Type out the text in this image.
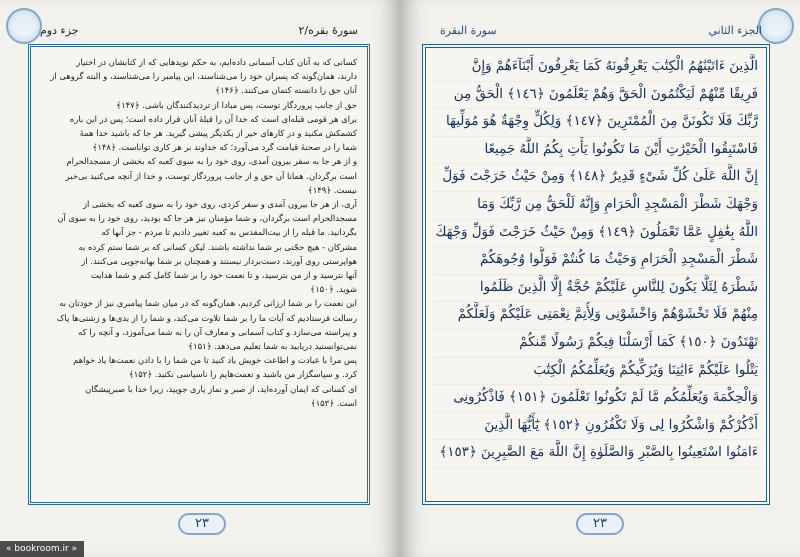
جزء دوم	سورهٔ بقره/۲
کسانی که به آنان کتاب آسمانی داده‌ایم، به حکم نویدهایی که از کتابشان در اختیار
دارند، همان‌گونه که پسران خود را می‌شناسند، این پیامبر را می‌شناسند، و البته گروهی از
آنان حق را دانسته کتمان می‌کنند. ﴿۱۴۶﴾
حق از جانب پروردگار توست، پس مبادا از تردیدکنندگان باشی. ﴿۱۴۷﴾
برای هر قومی قبله‌ای است که خدا آن را قبلهٔ آنان قرار داده است؛ پس در این باره
کشمکش مکنید و در کارهای خیر از یکدیگر پیشی گیرید. هر جا که باشید خدا همهٔ
شما را در صحنهٔ قیامت گرد می‌آورد؛ که خداوند بر هر کاری تواناست. ﴿۱۴۸﴾
و از هر جا به سفر بیرون آمدی، روی خود را به سوی کعبه که بخشی از مسجدالحرام
است برگردان. همانا آن حق و از جانب پروردگار توست، و خدا از آنچه می‌کنید بی‌خبر
نیست. ﴿۱۴۹﴾
آری، از هر جا بیرون آمدی و سفر کردی، روی خود را به سوی کعبه که بخشی از
مسجدالحرام است برگردان، و شما مؤمنان نیز هر جا که بودید، روی خود را به سوی آن
بگردانید. ما قبله را از بیت‌المقدس به کعبه تغییر دادیم تا مردم - جز آنها که
مشرکان - هیچ حجّتی بر شما نداشته باشند. لیکن کسانی که بر شما ستم کرده به
هواپرستی روی آورند، دست‌بردار نیستند و همچنان بر شما بهانه‌جویی می‌کنند. از
آنها نترسید و از من بترسید، و تا نعمت خود را بر شما کامل کنم و شما هدایت
شوید. ﴿۱۵۰﴾
این نعمت را بر شما ارزانی کردیم، همان‌گونه که در میان شما پیامبری نیز از خودتان به
رسالت فرستادیم که آیات ما را بر شما تلاوت می‌کند، و شما را از بدی‌ها و زشتی‌ها پاک
و پیراسته می‌سازد و کتاب آسمانی و معارف آن را به شما می‌آموزد، و آنچه را که
نمی‌توانستید دریابید به شما تعلیم می‌دهد. ﴿۱۵۱﴾
پس مرا با عبادت و اطاعت خویش یاد کنید تا من شما را با دادن نعمت‌ها یاد خواهم
کرد. و سپاسگزار من باشید و نعمت‌هایم را ناسپاسی نکنید. ﴿۱۵۲﴾
ای کسانی که ایمان آورده‌اید، از صبر و نماز یاری جویید، زیرا خدا با صبرپیشگان
است. ﴿۱۵۳﴾
۲۳
سورة البقرة	الجزء الثاني
الَّذِينَ ءَاتَيْنَٰهُمُ الْكِتَٰبَ يَعْرِفُونَهُ كَمَا يَعْرِفُونَ أَبْنَآءَهُمْ وَإِنَّ
فَرِيقًا مِّنْهُمْ لَيَكْتُمُونَ الْحَقَّ وَهُمْ يَعْلَمُونَ ﴿١٤٦﴾ الْحَقُّ مِن
رَّبِّكَ فَلَا تَكُونَنَّ مِنَ الْمُمْتَرِينَ ﴿١٤٧﴾ وَلِكُلٍّ وِجْهَةٌ هُوَ مُوَلِّيهَا
فَاسْتَبِقُوا الْخَيْرَٰتِ أَيْنَ مَا تَكُونُوا يَأْتِ بِكُمُ اللَّهُ جَمِيعًا
إِنَّ اللَّهَ عَلَىٰ كُلِّ شَىْءٍ قَدِيرٌ ﴿١٤٨﴾ وَمِنْ حَيْثُ خَرَجْتَ فَوَلِّ
وَجْهَكَ شَطْرَ الْمَسْجِدِ الْحَرَامِ وَإِنَّهُ لَلْحَقُّ مِن رَّبِّكَ وَمَا
اللَّهُ بِغَٰفِلٍ عَمَّا تَعْمَلُونَ ﴿١٤٩﴾ وَمِنْ حَيْثُ خَرَجْتَ فَوَلِّ وَجْهَكَ
شَطْرَ الْمَسْجِدِ الْحَرَامِ وَحَيْثُ مَا كُنتُمْ فَوَلُّوا وُجُوهَكُمْ
شَطْرَهُ لِئَلَّا يَكُونَ لِلنَّاسِ عَلَيْكُمْ حُجَّةٌ إِلَّا الَّذِينَ ظَلَمُوا
مِنْهُمْ فَلَا تَخْشَوْهُمْ وَاخْشَوْنِى وَلِأُتِمَّ نِعْمَتِى عَلَيْكُمْ وَلَعَلَّكُمْ
تَهْتَدُونَ ﴿١٥٠﴾ كَمَا أَرْسَلْنَا فِيكُمْ رَسُولًا مِّنكُمْ
يَتْلُوا عَلَيْكُمْ ءَايَٰتِنَا وَيُزَكِّيكُمْ وَيُعَلِّمُكُمُ الْكِتَٰبَ
وَالْحِكْمَةَ وَيُعَلِّمُكُم مَّا لَمْ تَكُونُوا تَعْلَمُونَ ﴿١٥١﴾ فَاذْكُرُونِى
أَذْكُرْكُمْ وَاشْكُرُوا لِى وَلَا تَكْفُرُونِ ﴿١٥٢﴾ يَٰٓأَيُّهَا الَّذِينَ
ءَامَنُوا اسْتَعِينُوا بِالصَّبْرِ وَالصَّلَوٰةِ إِنَّ اللَّهَ مَعَ الصَّٰبِرِينَ ﴿١٥٣﴾
۲۳
« bookroom.ir »
